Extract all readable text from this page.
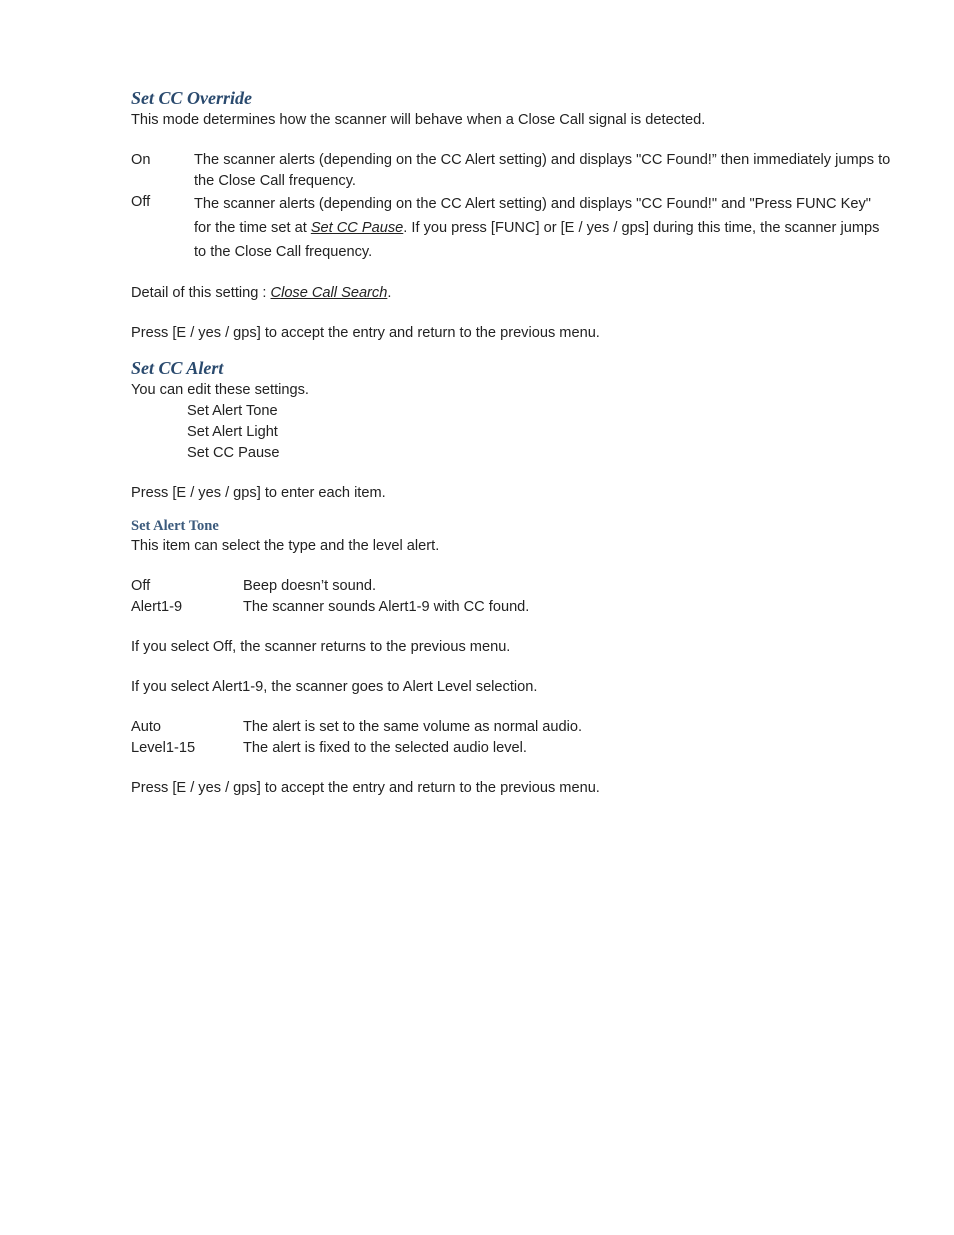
Set CC Override
This mode determines how the scanner will behave when a Close Call signal is detected.
On	The scanner alerts (depending on the CC Alert setting) and displays "CC Found!” then immediately jumps to the Close Call frequency.
Off	The scanner alerts (depending on the CC Alert setting) and displays "CC Found!" and "Press FUNC Key" for the time set at Set CC Pause. If you press [FUNC] or [E / yes / gps] during this time, the scanner jumps to the Close Call frequency.
Detail of this setting : Close Call Search.
Press [E / yes / gps] to accept the entry and return to the previous menu.
Set CC Alert
You can edit these settings.
Set Alert Tone
Set Alert Light
Set CC Pause
Press [E / yes / gps] to enter each item.
Set Alert Tone
This item can select the type and the level alert.
Off	Beep doesn’t sound.
Alert1-9	The scanner sounds Alert1-9 with CC found.
If you select Off, the scanner returns to the previous menu.
If you select Alert1-9, the scanner goes to Alert Level selection.
Auto	The alert is set to the same volume as normal audio.
Level1-15	The alert is fixed to the selected audio level.
Press [E / yes / gps] to accept the entry and return to the previous menu.
